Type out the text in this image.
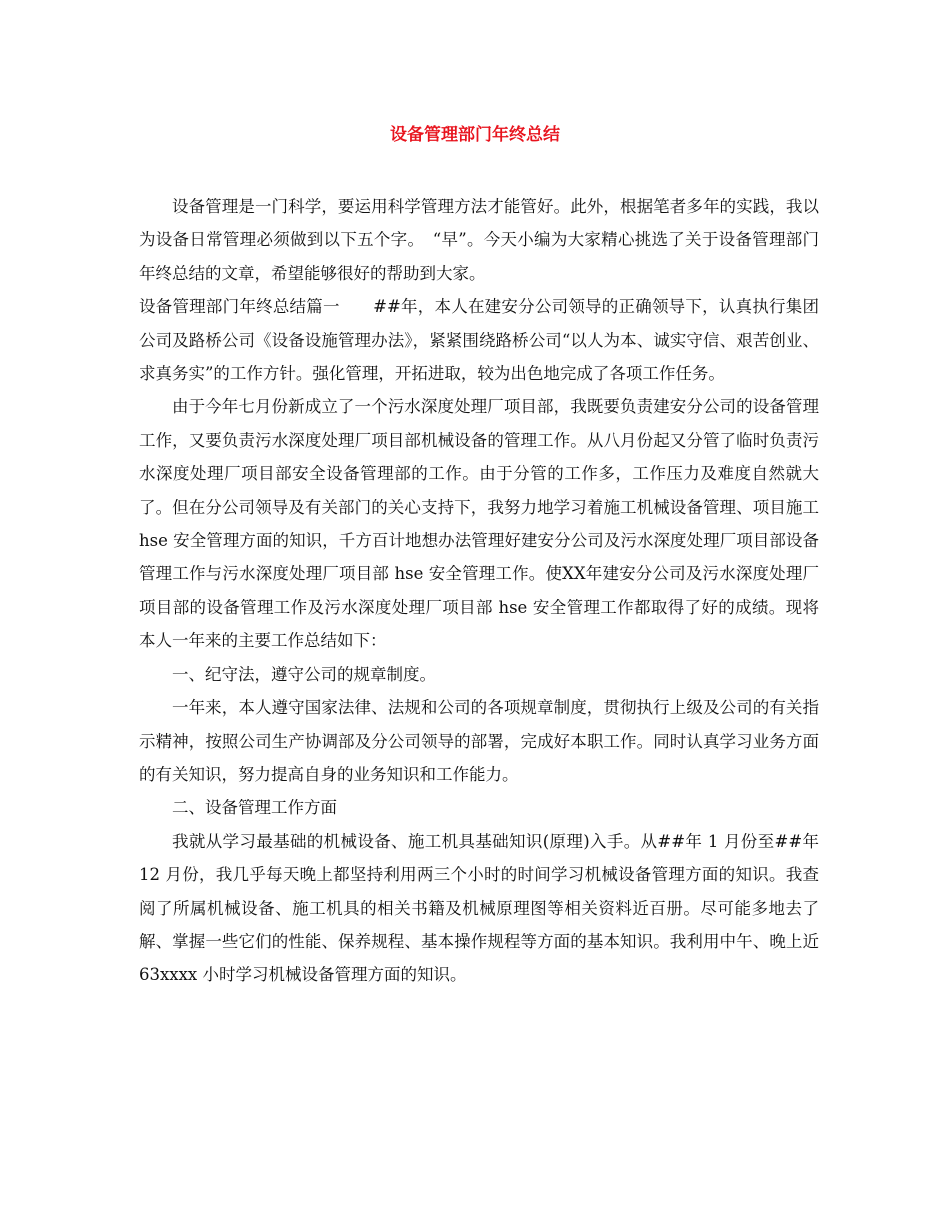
设备管理部门年终总结

设备管理是一门科学，要运用科学管理方法才能管好。此外，根据笔者多年的实践，我以为设备日常管理必须做到以下五个字。　“早”。今天小编为大家精心挑选了关于设备管理部门年终总结的文章，希望能够很好的帮助到大家。

设备管理部门年终总结篇一　　##年，本人在建安分公司领导的正确领导下，认真执行集团公司及路桥公司《设备设施管理办法》，紧紧围绕路桥公司“以人为本、诚实守信、艰苦创业、求真务实”的工作方针。强化管理，开拓进取，较为出色地完成了各项工作任务。

由于今年七月份新成立了一个污水深度处理厂项目部，我既要负责建安分公司的设备管理工作，又要负责污水深度处理厂项目部机械设备的管理工作。从八月份起又分管了临时负责污水深度处理厂项目部安全设备管理部的工作。由于分管的工作多，工作压力及难度自然就大了。但在分公司领导及有关部门的关心支持下，我努力地学习着施工机械设备管理、项目施工 hse 安全管理方面的知识，千方百计地想办法管理好建安分公司及污水深度处理厂项目部设备管理工作与污水深度处理厂项目部 hse 安全管理工作。使XX年建安分公司及污水深度处理厂项目部的设备管理工作及污水深度处理厂项目部 hse 安全管理工作都取得了好的成绩。现将本人一年来的主要工作总结如下：

一、纪守法，遵守公司的规章制度。

一年来，本人遵守国家法律、法规和公司的各项规章制度，贯彻执行上级及公司的有关指示精神，按照公司生产协调部及分公司领导的部署，完成好本职工作。同时认真学习业务方面的有关知识，努力提高自身的业务知识和工作能力。

二、设备管理工作方面

我就从学习最基础的机械设备、施工机具基础知识(原理)入手。从##年 1 月份至##年 12 月份，我几乎每天晚上都坚持利用两三个小时的时间学习机械设备管理方面的知识。我查阅了所属机械设备、施工机具的相关书籍及机械原理图等相关资料近百册。尽可能多地去了解、掌握一些它们的性能、保养规程、基本操作规程等方面的基本知识。我利用中午、晚上近 63xxxx 小时学习机械设备管理方面的知识。
